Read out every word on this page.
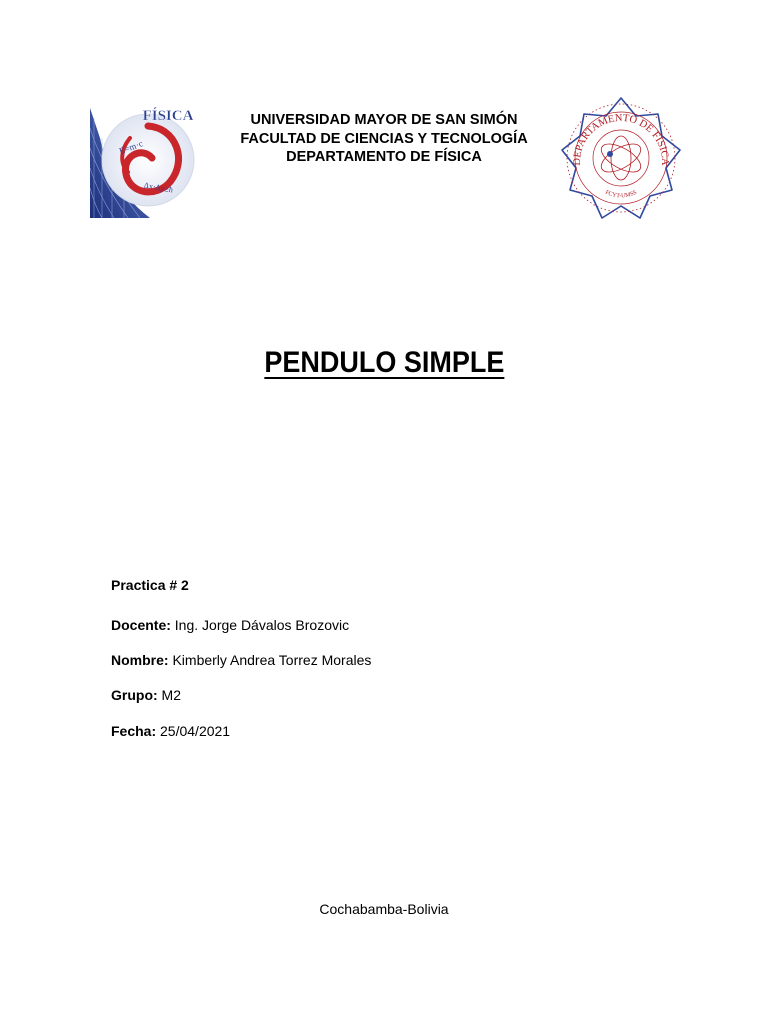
FÍSICA
E=m·c
Δx·Δp≥ħ
UNIVERSIDAD MAYOR DE SAN SIMÓN
FACULTAD DE CIENCIAS Y TECNOLOGÍA
DEPARTAMENTO DE FÍSICA	DEPARTAMENTO DE FÍSICA
FCYT-UMSS
PENDULO SIMPLE
Practica # 2
Docente: Ing. Jorge Dávalos Brozovic
Nombre: Kimberly Andrea Torrez Morales
Grupo: M2
Fecha: 25/04/2021
Cochabamba-Bolivia
